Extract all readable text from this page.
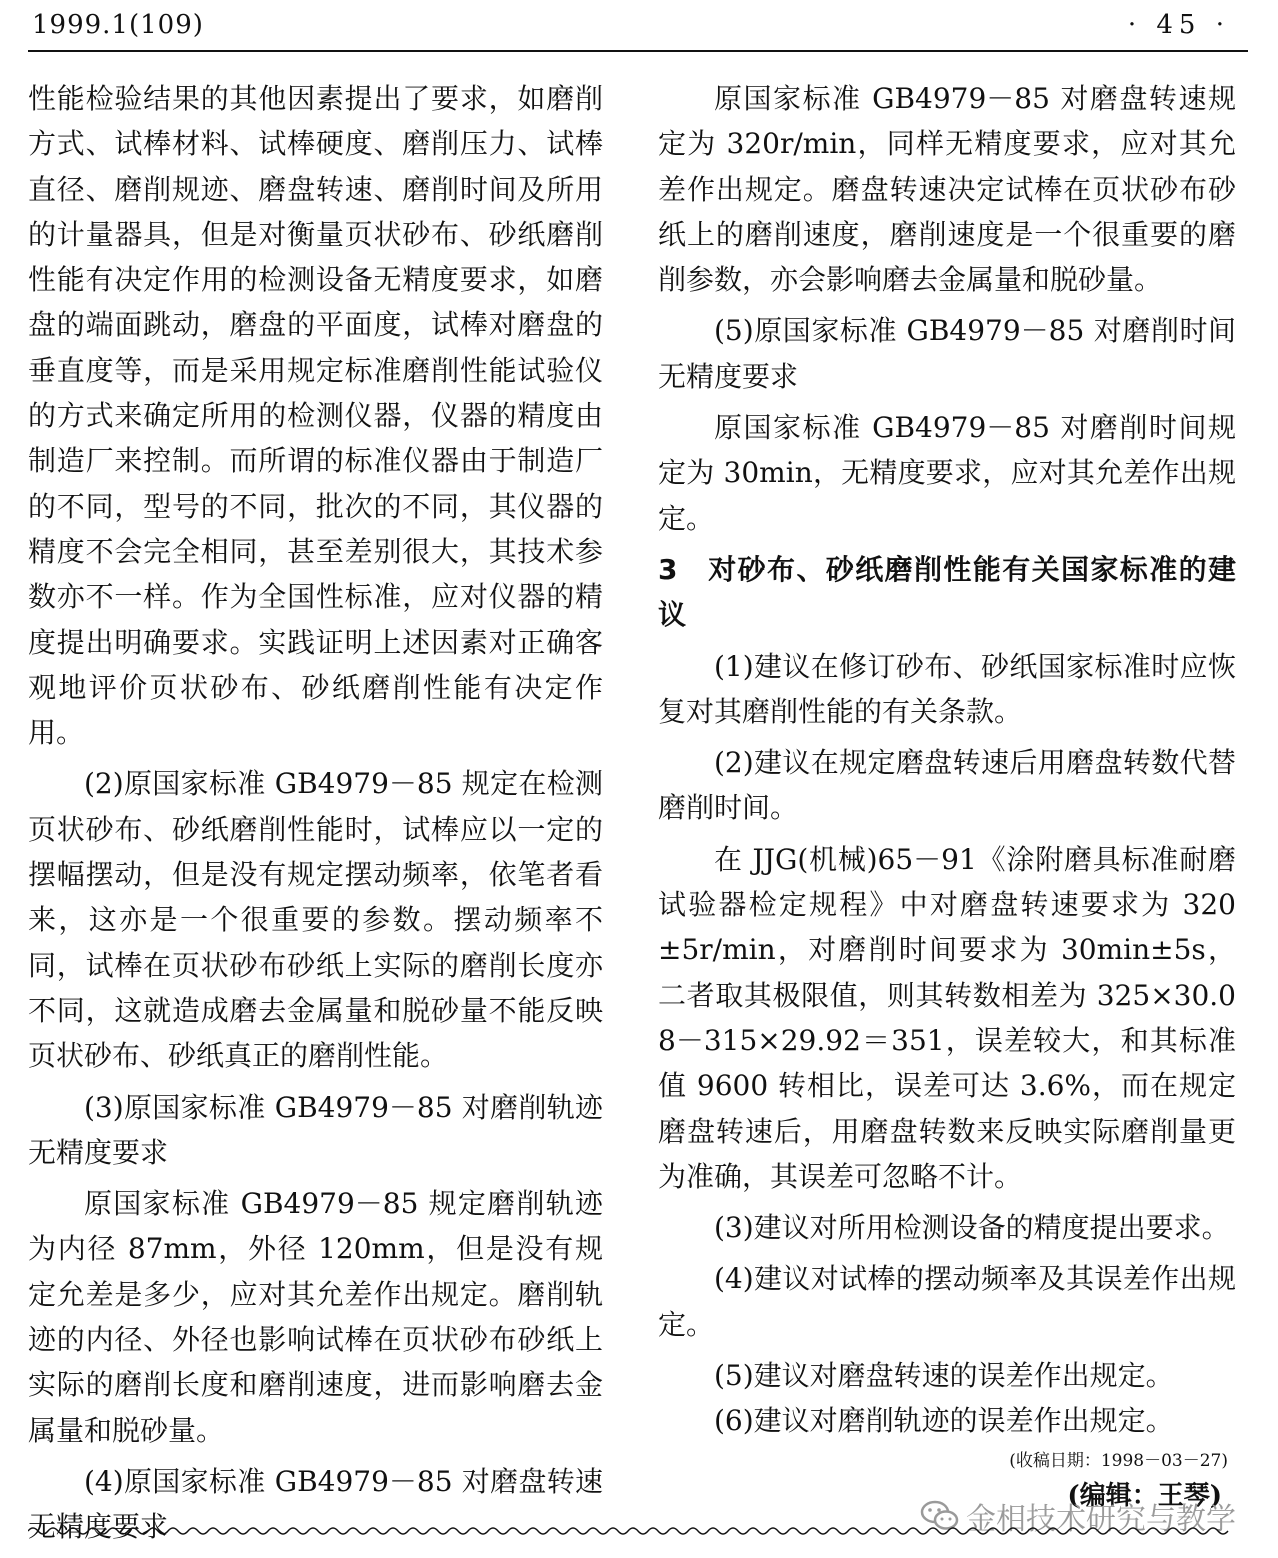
1999.1(109)	· 45 ·

性能检验结果的其他因素提出了要求，如磨削方式、试棒材料、试棒硬度、磨削压力、试棒直径、磨削规迹、磨盘转速、磨削时间及所用的计量器具，但是对衡量页状砂布、砂纸磨削性能有决定作用的检测设备无精度要求，如磨盘的端面跳动，磨盘的平面度，试棒对磨盘的垂直度等，而是采用规定标准磨削性能试验仪的方式来确定所用的检测仪器，仪器的精度由制造厂来控制。而所谓的标准仪器由于制造厂的不同，型号的不同，批次的不同，其仪器的精度不会完全相同，甚至差别很大，其技术参数亦不一样。作为全国性标准，应对仪器的精度提出明确要求。实践证明上述因素对正确客观地评价页状砂布、砂纸磨削性能有决定作用。

(2)原国家标准 GB4979－85 规定在检测页状砂布、砂纸磨削性能时，试棒应以一定的摆幅摆动，但是没有规定摆动频率，依笔者看来，这亦是一个很重要的参数。摆动频率不同，试棒在页状砂布砂纸上实际的磨削长度亦不同，这就造成磨去金属量和脱砂量不能反映页状砂布、砂纸真正的磨削性能。

(3)原国家标准 GB4979－85 对磨削轨迹无精度要求

原国家标准 GB4979－85 规定磨削轨迹为内径 87mm，外径 120mm，但是没有规定允差是多少，应对其允差作出规定。磨削轨迹的内径、外径也影响试棒在页状砂布砂纸上实际的磨削长度和磨削速度，进而影响磨去金属量和脱砂量。

(4)原国家标准 GB4979－85 对磨盘转速无精度要求

原国家标准 GB4979－85 对磨盘转速规定为 320r/min，同样无精度要求，应对其允差作出规定。磨盘转速决定试棒在页状砂布砂纸上的磨削速度，磨削速度是一个很重要的磨削参数，亦会影响磨去金属量和脱砂量。

(5)原国家标准 GB4979－85 对磨削时间无精度要求

原国家标准 GB4979－85 对磨削时间规定为 30min，无精度要求，应对其允差作出规定。

3　对砂布、砂纸磨削性能有关国家标准的建议

(1)建议在修订砂布、砂纸国家标准时应恢复对其磨削性能的有关条款。

(2)建议在规定磨盘转速后用磨盘转数代替磨削时间。

在 JJG(机械)65－91《涂附磨具标准耐磨试验器检定规程》中对磨盘转速要求为 320±5r/min，对磨削时间要求为 30min±5s，二者取其极限值，则其转数相差为 325×30.08－315×29.92＝351，误差较大，和其标准值 9600 转相比，误差可达 3.6%，而在规定磨盘转速后，用磨盘转数来反映实际磨削量更为准确，其误差可忽略不计。

(3)建议对所用检测设备的精度提出要求。

(4)建议对试棒的摆动频率及其误差作出规定。

(5)建议对磨盘转速的误差作出规定。

(6)建议对磨削轨迹的误差作出规定。

(收稿日期：1998－03－27)
(编辑：王琴)
金相技术研究与教学
